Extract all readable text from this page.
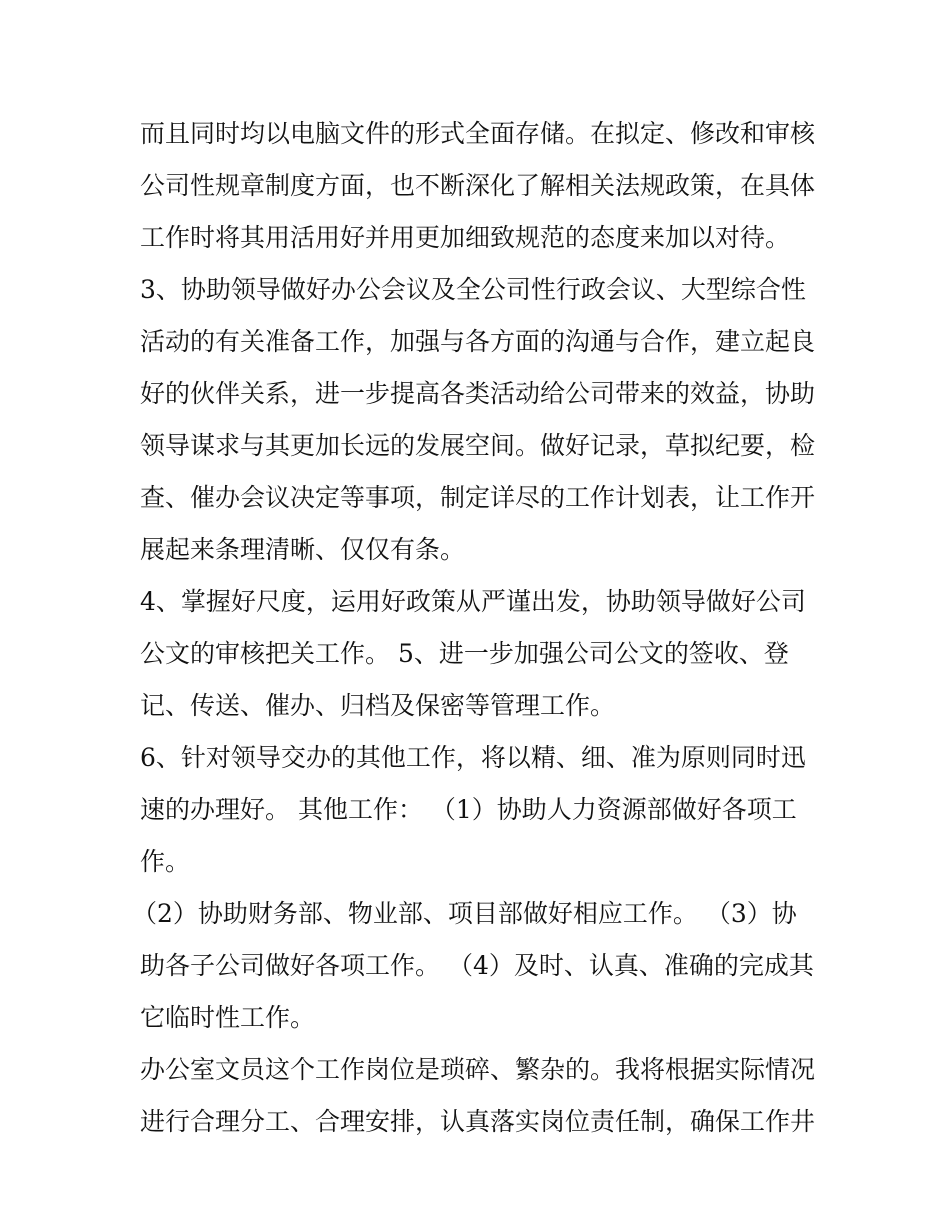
而且同时均以电脑文件的形式全面存储。在拟定、修改和审核
公司性规章制度方面，也不断深化了解相关法规政策，在具体
工作时将其用活用好并用更加细致规范的态度来加以对待。
3、协助领导做好办公会议及全公司性行政会议、大型综合性
活动的有关准备工作，加强与各方面的沟通与合作，建立起良
好的伙伴关系，进一步提高各类活动给公司带来的效益，协助
领导谋求与其更加长远的发展空间。做好记录，草拟纪要，检
查、催办会议决定等事项，制定详尽的工作计划表，让工作开
展起来条理清晰、仅仅有条。
4、掌握好尺度，运用好政策从严谨出发，协助领导做好公司
公文的审核把关工作。 5、进一步加强公司公文的签收、登
记、传送、催办、归档及保密等管理工作。
6、针对领导交办的其他工作，将以精、细、准为原则同时迅
速的办理好。 其他工作： （1）协助人力资源部做好各项工
作。
（2）协助财务部、物业部、项目部做好相应工作。 （3）协
助各子公司做好各项工作。 （4）及时、认真、准确的完成其
它临时性工作。
办公室文员这个工作岗位是琐碎、繁杂的。我将根据实际情况
进行合理分工、合理安排，认真落实岗位责任制，确保工作井
